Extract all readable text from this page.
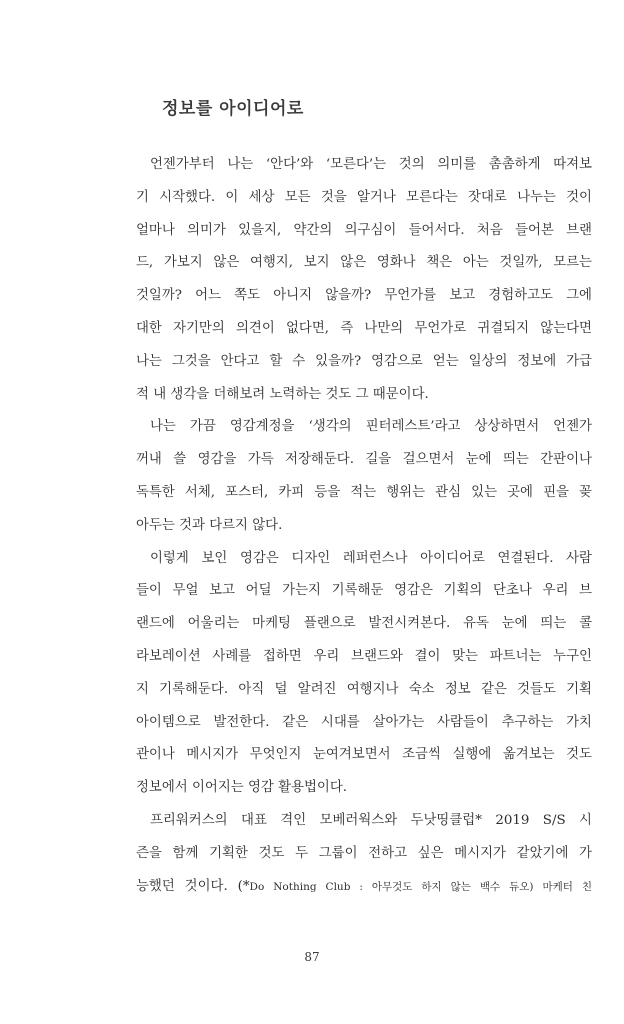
정보를 아이디어로
언젠가부터 나는 ‘안다’와 ‘모른다’는 것의 의미를 촘촘하게 따져보
기 시작했다. 이 세상 모든 것을 알거나 모른다는 잣대로 나누는 것이
얼마나 의미가 있을지, 약간의 의구심이 들어서다. 처음 들어본 브랜
드, 가보지 않은 여행지, 보지 않은 영화나 책은 아는 것일까, 모르는
것일까? 어느 쪽도 아니지 않을까? 무언가를 보고 경험하고도 그에
대한 자기만의 의견이 없다면, 즉 나만의 무언가로 귀결되지 않는다면
나는 그것을 안다고 할 수 있을까? 영감으로 얻는 일상의 정보에 가급
적 내 생각을 더해보려 노력하는 것도 그 때문이다.
나는 가끔 영감계정을 ‘생각의 핀터레스트’라고 상상하면서 언젠가
꺼내 쓸 영감을 가득 저장해둔다. 길을 걸으면서 눈에 띄는 간판이나
독특한 서체, 포스터, 카피 등을 적는 행위는 관심 있는 곳에 핀을 꽂
아두는 것과 다르지 않다.
이렇게 보인 영감은 디자인 레퍼런스나 아이디어로 연결된다. 사람
들이 무얼 보고 어딜 가는지 기록해둔 영감은 기획의 단초나 우리 브
랜드에 어울리는 마케팅 플랜으로 발전시켜본다. 유독 눈에 띄는 콜
라보레이션 사례를 접하면 우리 브랜드와 결이 맞는 파트너는 누구인
지 기록해둔다. 아직 덜 알려진 여행지나 숙소 정보 같은 것들도 기획
아이템으로 발전한다. 같은 시대를 살아가는 사람들이 추구하는 가치
관이나 메시지가 무엇인지 눈여겨보면서 조금씩 실행에 옮겨보는 것도
정보에서 이어지는 영감 활용법이다.
프리워커스의 대표 격인 모베러웍스와 두낫띵클럽* 2019 S/S 시
즌을 함께 기획한 것도 두 그룹이 전하고 싶은 메시지가 같았기에 가
능했던 것이다. (*Do Nothing Club : 아무것도 하지 않는 백수 듀오) 마케터 친
87
